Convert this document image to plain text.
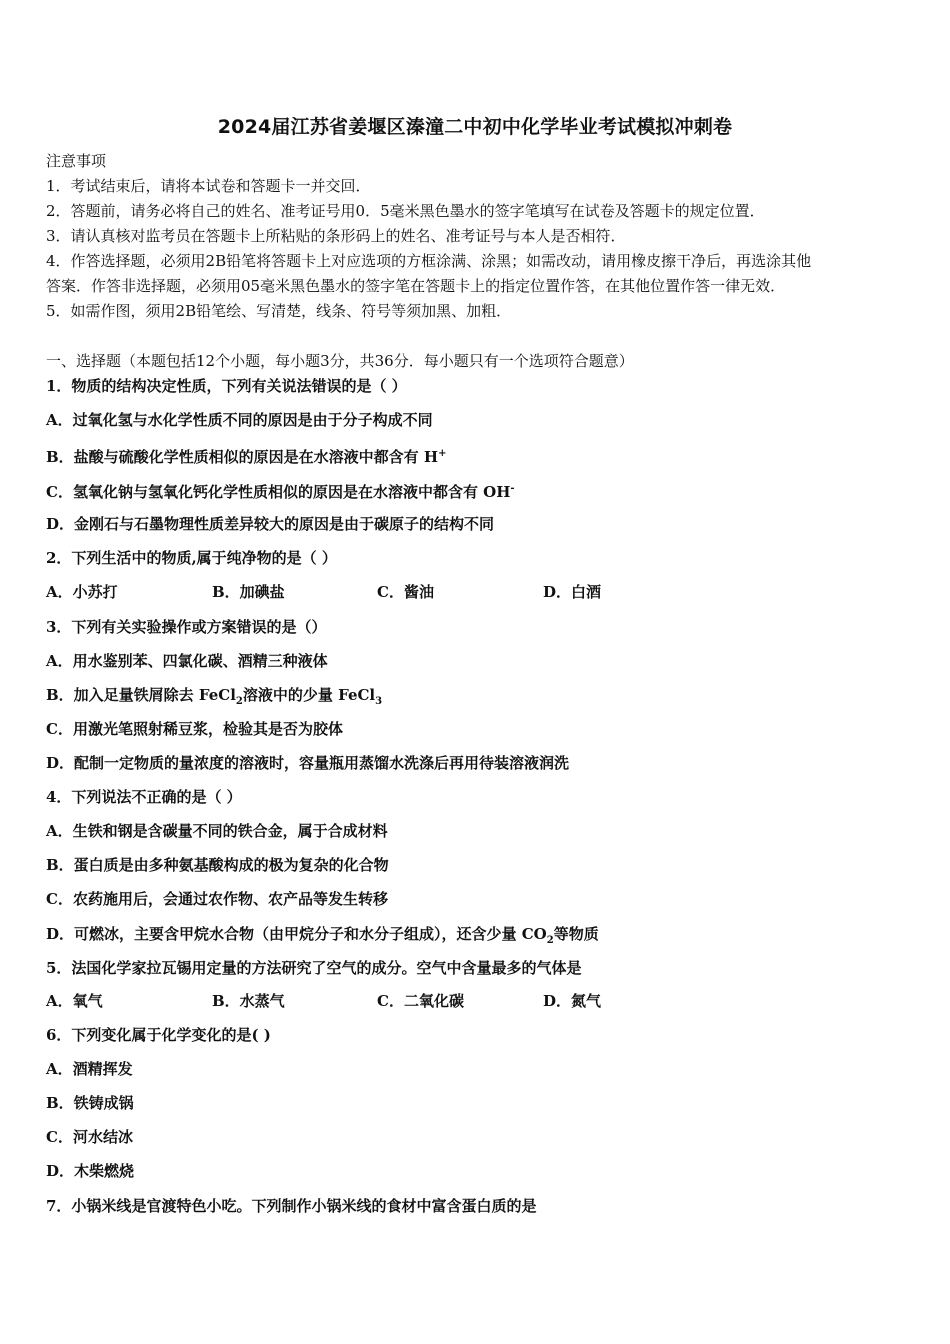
2024届江苏省姜堰区溱潼二中初中化学毕业考试模拟冲刺卷
注意事项
1．考试结束后，请将本试卷和答题卡一并交回．
2．答题前，请务必将自己的姓名、准考证号用0．5毫米黑色墨水的签字笔填写在试卷及答题卡的规定位置．
3．请认真核对监考员在答题卡上所粘贴的条形码上的姓名、准考证号与本人是否相符．
4．作答选择题，必须用2B铅笔将答题卡上对应选项的方框涂满、涂黑；如需改动，请用橡皮擦干净后，再选涂其他
答案．作答非选择题，必须用05毫米黑色墨水的签字笔在答题卡上的指定位置作答，在其他位置作答一律无效．
5．如需作图，须用2B铅笔绘、写清楚，线条、符号等须加黑、加粗．
一、选择题（本题包括12个小题，每小题3分，共36分．每小题只有一个选项符合题意）
1．物质的结构决定性质，下列有关说法错误的是（ ）
A．过氧化氢与水化学性质不同的原因是由于分子构成不同
B．盐酸与硫酸化学性质相似的原因是在水溶液中都含有 H+
C．氢氧化钠与氢氧化钙化学性质相似的原因是在水溶液中都含有 OH-
D．金刚石与石墨物理性质差异较大的原因是由于碳原子的结构不同
2．下列生活中的物质,属于纯净物的是（ ）
A．小苏打	B．加碘盐	C．酱油	D．白酒
3．下列有关实验操作或方案错误的是（）
A．用水鉴别苯、四氯化碳、酒精三种液体
B．加入足量铁屑除去 FeCl$_2$溶液中的少量 FeCl$_3$
C．用激光笔照射稀豆浆，检验其是否为胶体
D．配制一定物质的量浓度的溶液时，容量瓶用蒸馏水洗涤后再用待装溶液润洗
4．下列说法不正确的是（ ）
A．生铁和钢是含碳量不同的铁合金，属于合成材料
B．蛋白质是由多种氨基酸构成的极为复杂的化合物
C．农药施用后，会通过农作物、农产品等发生转移
D．可燃冰，主要含甲烷水合物（由甲烷分子和水分子组成），还含少量 $CO_2$等物质
5．法国化学家拉瓦锡用定量的方法研究了空气的成分。空气中含量最多的气体是
A．氧气	B．水蒸气	C．二氧化碳	D．氮气
6．下列变化属于化学变化的是( )
A．酒精挥发
B．铁铸成锅
C．河水结冰
D．木柴燃烧
7．小锅米线是官渡特色小吃。下列制作小锅米线的食材中富含蛋白质的是
